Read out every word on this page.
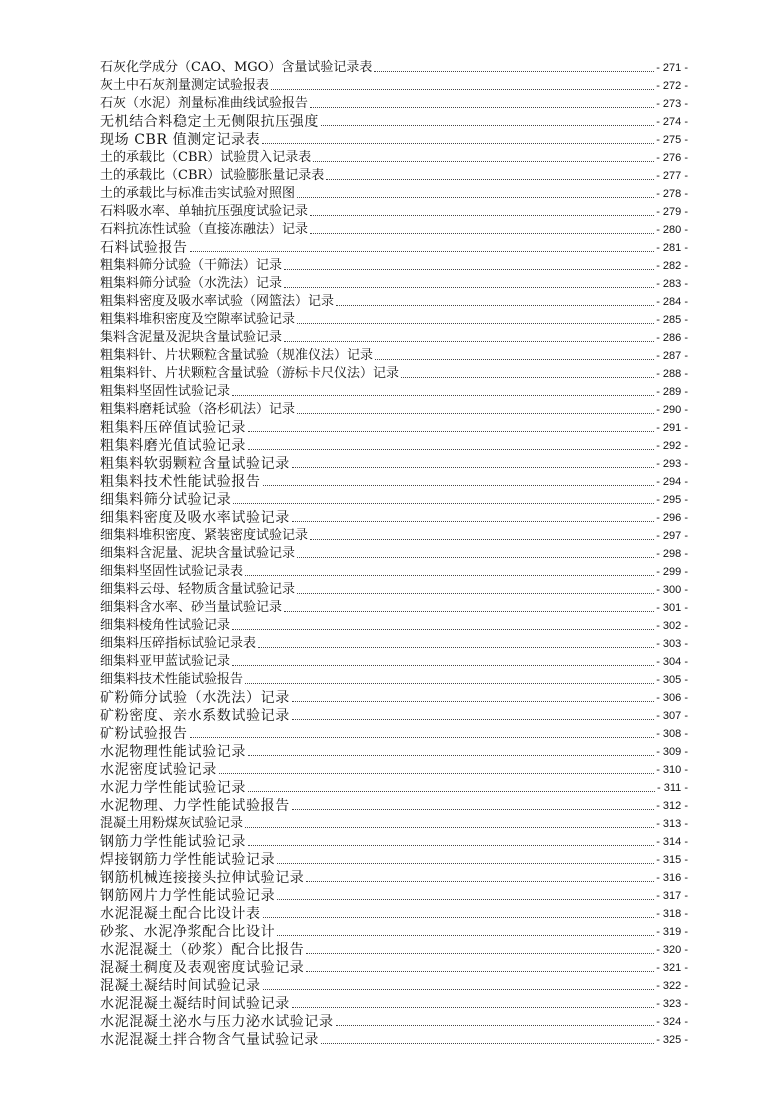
石灰化学成分（CAO、MGO）含量试验记录表	- 271 -
灰土中石灰剂量测定试验报表	- 272 -
石灰（水泥）剂量标准曲线试验报告	- 273 -
无机结合料稳定土无侧限抗压强度	- 274 -
现场 CBR 值测定记录表	- 275 -
土的承载比（CBR）试验贯入记录表	- 276 -
土的承载比（CBR）试验膨胀量记录表	- 277 -
土的承载比与标准击实试验对照图	- 278 -
石料吸水率、单轴抗压强度试验记录	- 279 -
石料抗冻性试验（直接冻融法）记录	- 280 -
石料试验报告	- 281 -
粗集料筛分试验（干筛法）记录	- 282 -
粗集料筛分试验（水洗法）记录	- 283 -
粗集料密度及吸水率试验（网篮法）记录	- 284 -
粗集料堆积密度及空隙率试验记录	- 285 -
集料含泥量及泥块含量试验记录	- 286 -
粗集料针、片状颗粒含量试验（规准仪法）记录	- 287 -
粗集料针、片状颗粒含量试验（游标卡尺仪法）记录	- 288 -
粗集料坚固性试验记录	- 289 -
粗集料磨耗试验（洛杉矶法）记录	- 290 -
粗集料压碎值试验记录	- 291 -
粗集料磨光值试验记录	- 292 -
粗集料软弱颗粒含量试验记录	- 293 -
粗集料技术性能试验报告	- 294 -
细集料筛分试验记录	- 295 -
细集料密度及吸水率试验记录	- 296 -
细集料堆积密度、紧装密度试验记录	- 297 -
细集料含泥量、泥块含量试验记录	- 298 -
细集料坚固性试验记录表	- 299 -
细集料云母、轻物质含量试验记录	- 300 -
细集料含水率、砂当量试验记录	- 301 -
细集料棱角性试验记录	- 302 -
细集料压碎指标试验记录表	- 303 -
细集料亚甲蓝试验记录	- 304 -
细集料技术性能试验报告	- 305 -
矿粉筛分试验（水洗法）记录	- 306 -
矿粉密度、亲水系数试验记录	- 307 -
矿粉试验报告	- 308 -
水泥物理性能试验记录	- 309 -
水泥密度试验记录	- 310 -
水泥力学性能试验记录	- 311 -
水泥物理、力学性能试验报告	- 312 -
混凝土用粉煤灰试验记录	- 313 -
钢筋力学性能试验记录	- 314 -
焊接钢筋力学性能试验记录	- 315 -
钢筋机械连接接头拉伸试验记录	- 316 -
钢筋网片力学性能试验记录	- 317 -
水泥混凝土配合比设计表	- 318 -
砂浆、水泥净浆配合比设计	- 319 -
水泥混凝土（砂浆）配合比报告	- 320 -
混凝土稠度及表观密度试验记录	- 321 -
混凝土凝结时间试验记录	- 322 -
水泥混凝土凝结时间试验记录	- 323 -
水泥混凝土泌水与压力泌水试验记录	- 324 -
水泥混凝土拌合物含气量试验记录	- 325 -
